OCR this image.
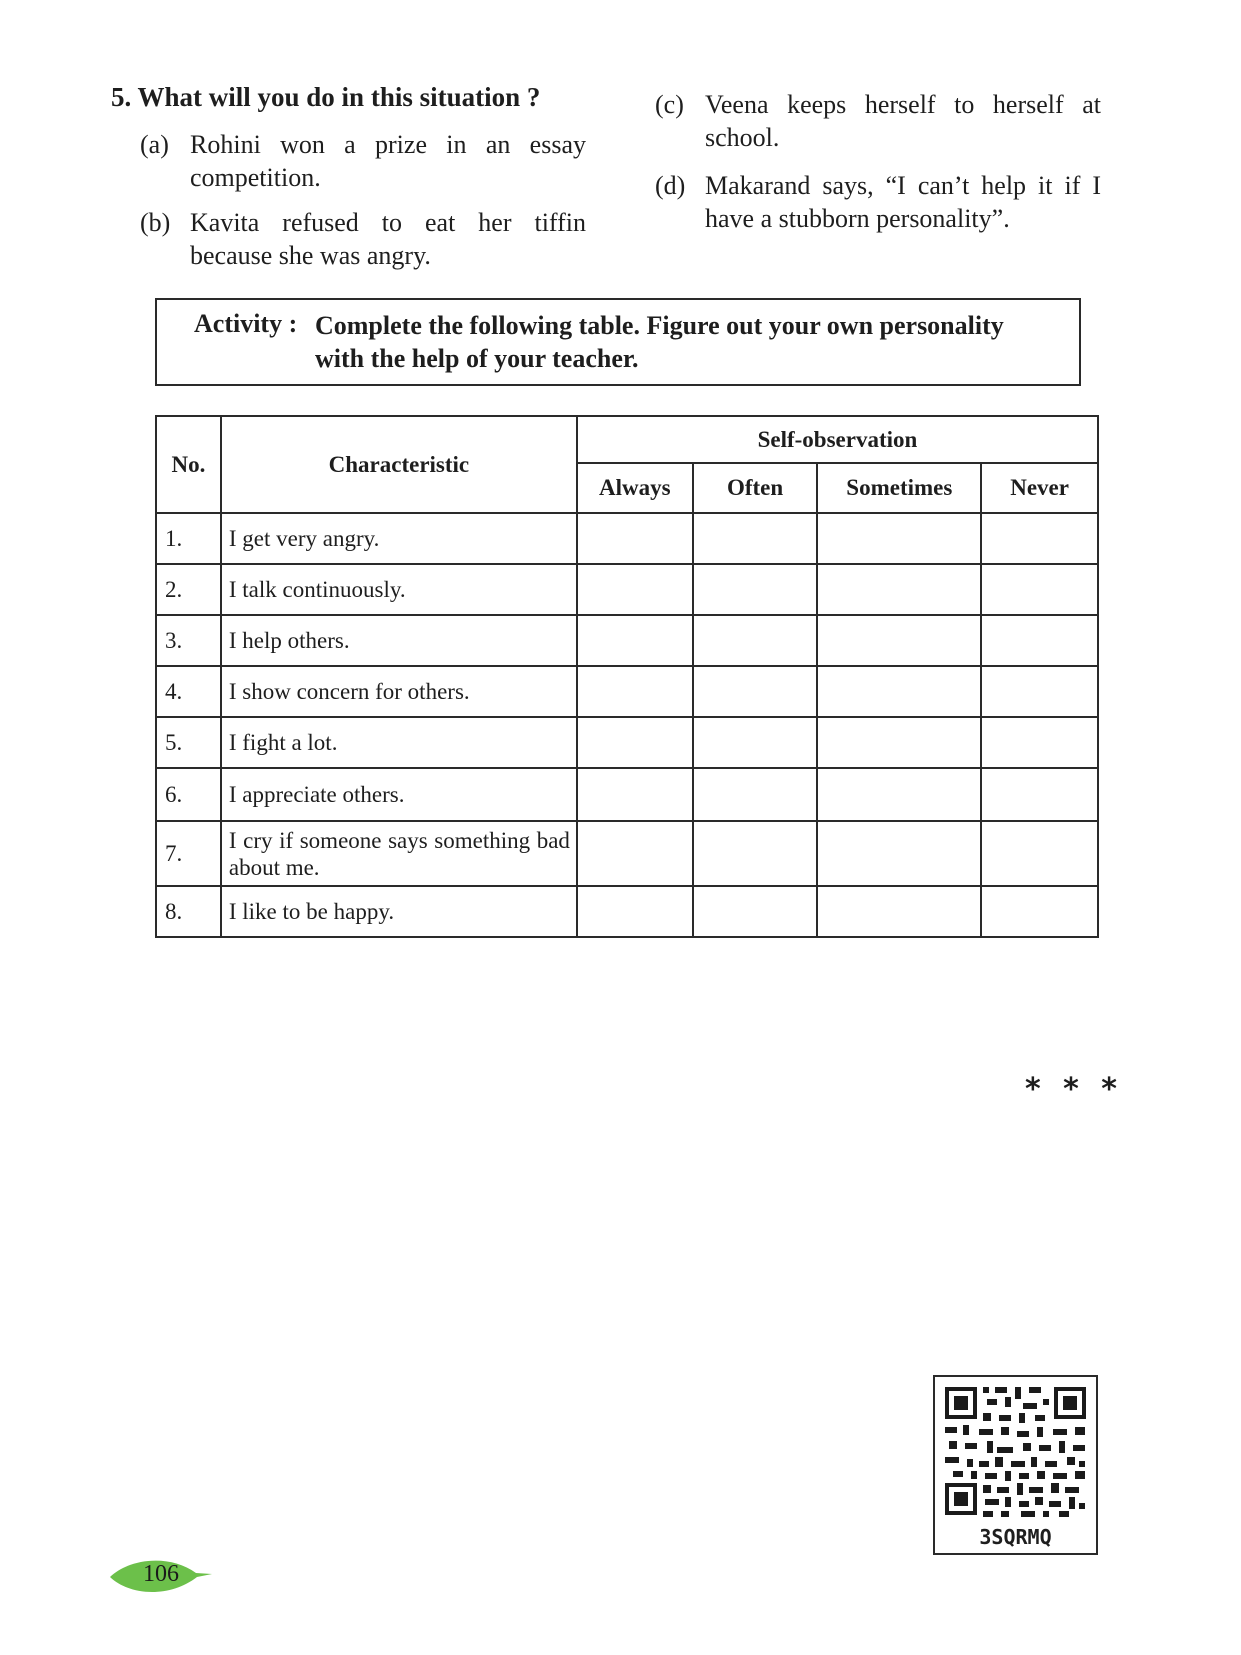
5. What will you do in this situation ?
(a) Rohini won a prize in an essay competition.
(b) Kavita refused to eat her tiffin because she was angry.
(c) Veena keeps herself to herself at school.
(d) Makarand says, “I can’t help it if I have a stubborn personality”.
Activity : Complete the following table. Figure out your own personality with the help of your teacher.
No.	Characteristic	Self-observation			
		Always	Often	Sometimes	Never
1.	I get very angry.				
2.	I talk continuously.				
3.	I help others.				
4.	I show concern for others.				
5.	I fight a lot.				
6.	I appreciate others.				
7.	I cry if someone says something bad about me.				
8.	I like to be happy.				
* * *
3SQRMQ
106
